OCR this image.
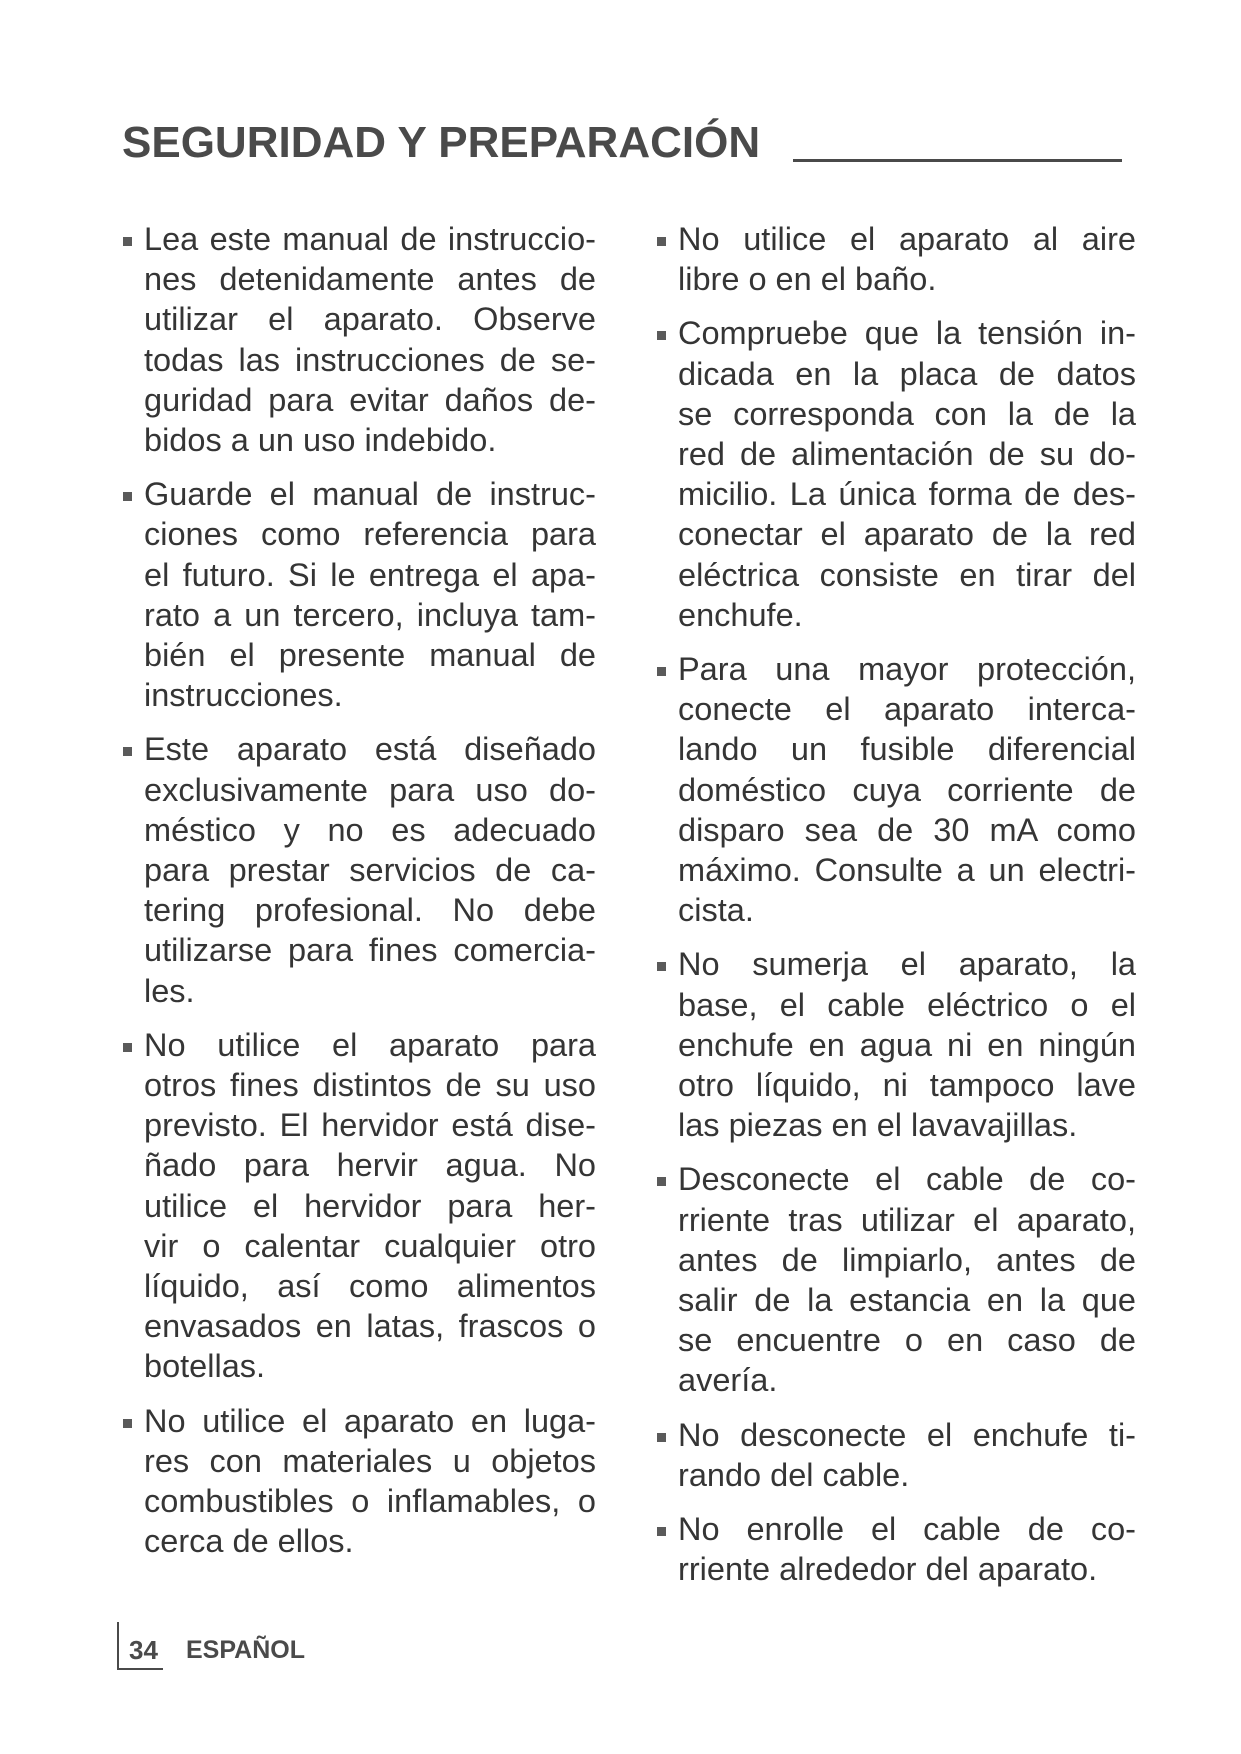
SEGURIDAD Y PREPARACIÓN
Lea este manual de instruccio-
nes detenidamente antes de
utilizar el aparato. Observe
todas las instrucciones de se-
guridad para evitar daños de-
bidos a un uso indebido.
Guarde el manual de instruc-
ciones como referencia para
el futuro. Si le entrega el apa-
rato a un tercero, incluya tam-
bién el presente manual de
instrucciones.
Este aparato está diseñado
exclusivamente para uso do-
méstico y no es adecuado
para prestar servicios de ca-
tering profesional. No debe
utilizarse para fines comercia-
les.
No utilice el aparato para
otros fines distintos de su uso
previsto. El hervidor está dise-
ñado para hervir agua. No
utilice el hervidor para her-
vir o calentar cualquier otro
líquido, así como alimentos
envasados en latas, frascos o
botellas.
No utilice el aparato en luga-
res con materiales u objetos
combustibles o inflamables, o
cerca de ellos.
No utilice el aparato al aire
libre o en el baño.
Compruebe que la tensión in-
dicada en la placa de datos
se corresponda con la de la
red de alimentación de su do-
micilio. La única forma de des-
conectar el aparato de la red
eléctrica consiste en tirar del
enchufe.
Para una mayor protección,
conecte el aparato interca-
lando un fusible diferencial
doméstico cuya corriente de
disparo sea de 30 mA como
máximo. Consulte a un electri-
cista.
No sumerja el aparato, la
base, el cable eléctrico o el
enchufe en agua ni en ningún
otro líquido, ni tampoco lave
las piezas en el lavavajillas.
Desconecte el cable de co-
rriente tras utilizar el aparato,
antes de limpiarlo, antes de
salir de la estancia en la que
se encuentre o en caso de
avería.
No desconecte el enchufe ti-
rando del cable.
No enrolle el cable de co-
rriente alrededor del aparato.
34 ESPAÑOL
